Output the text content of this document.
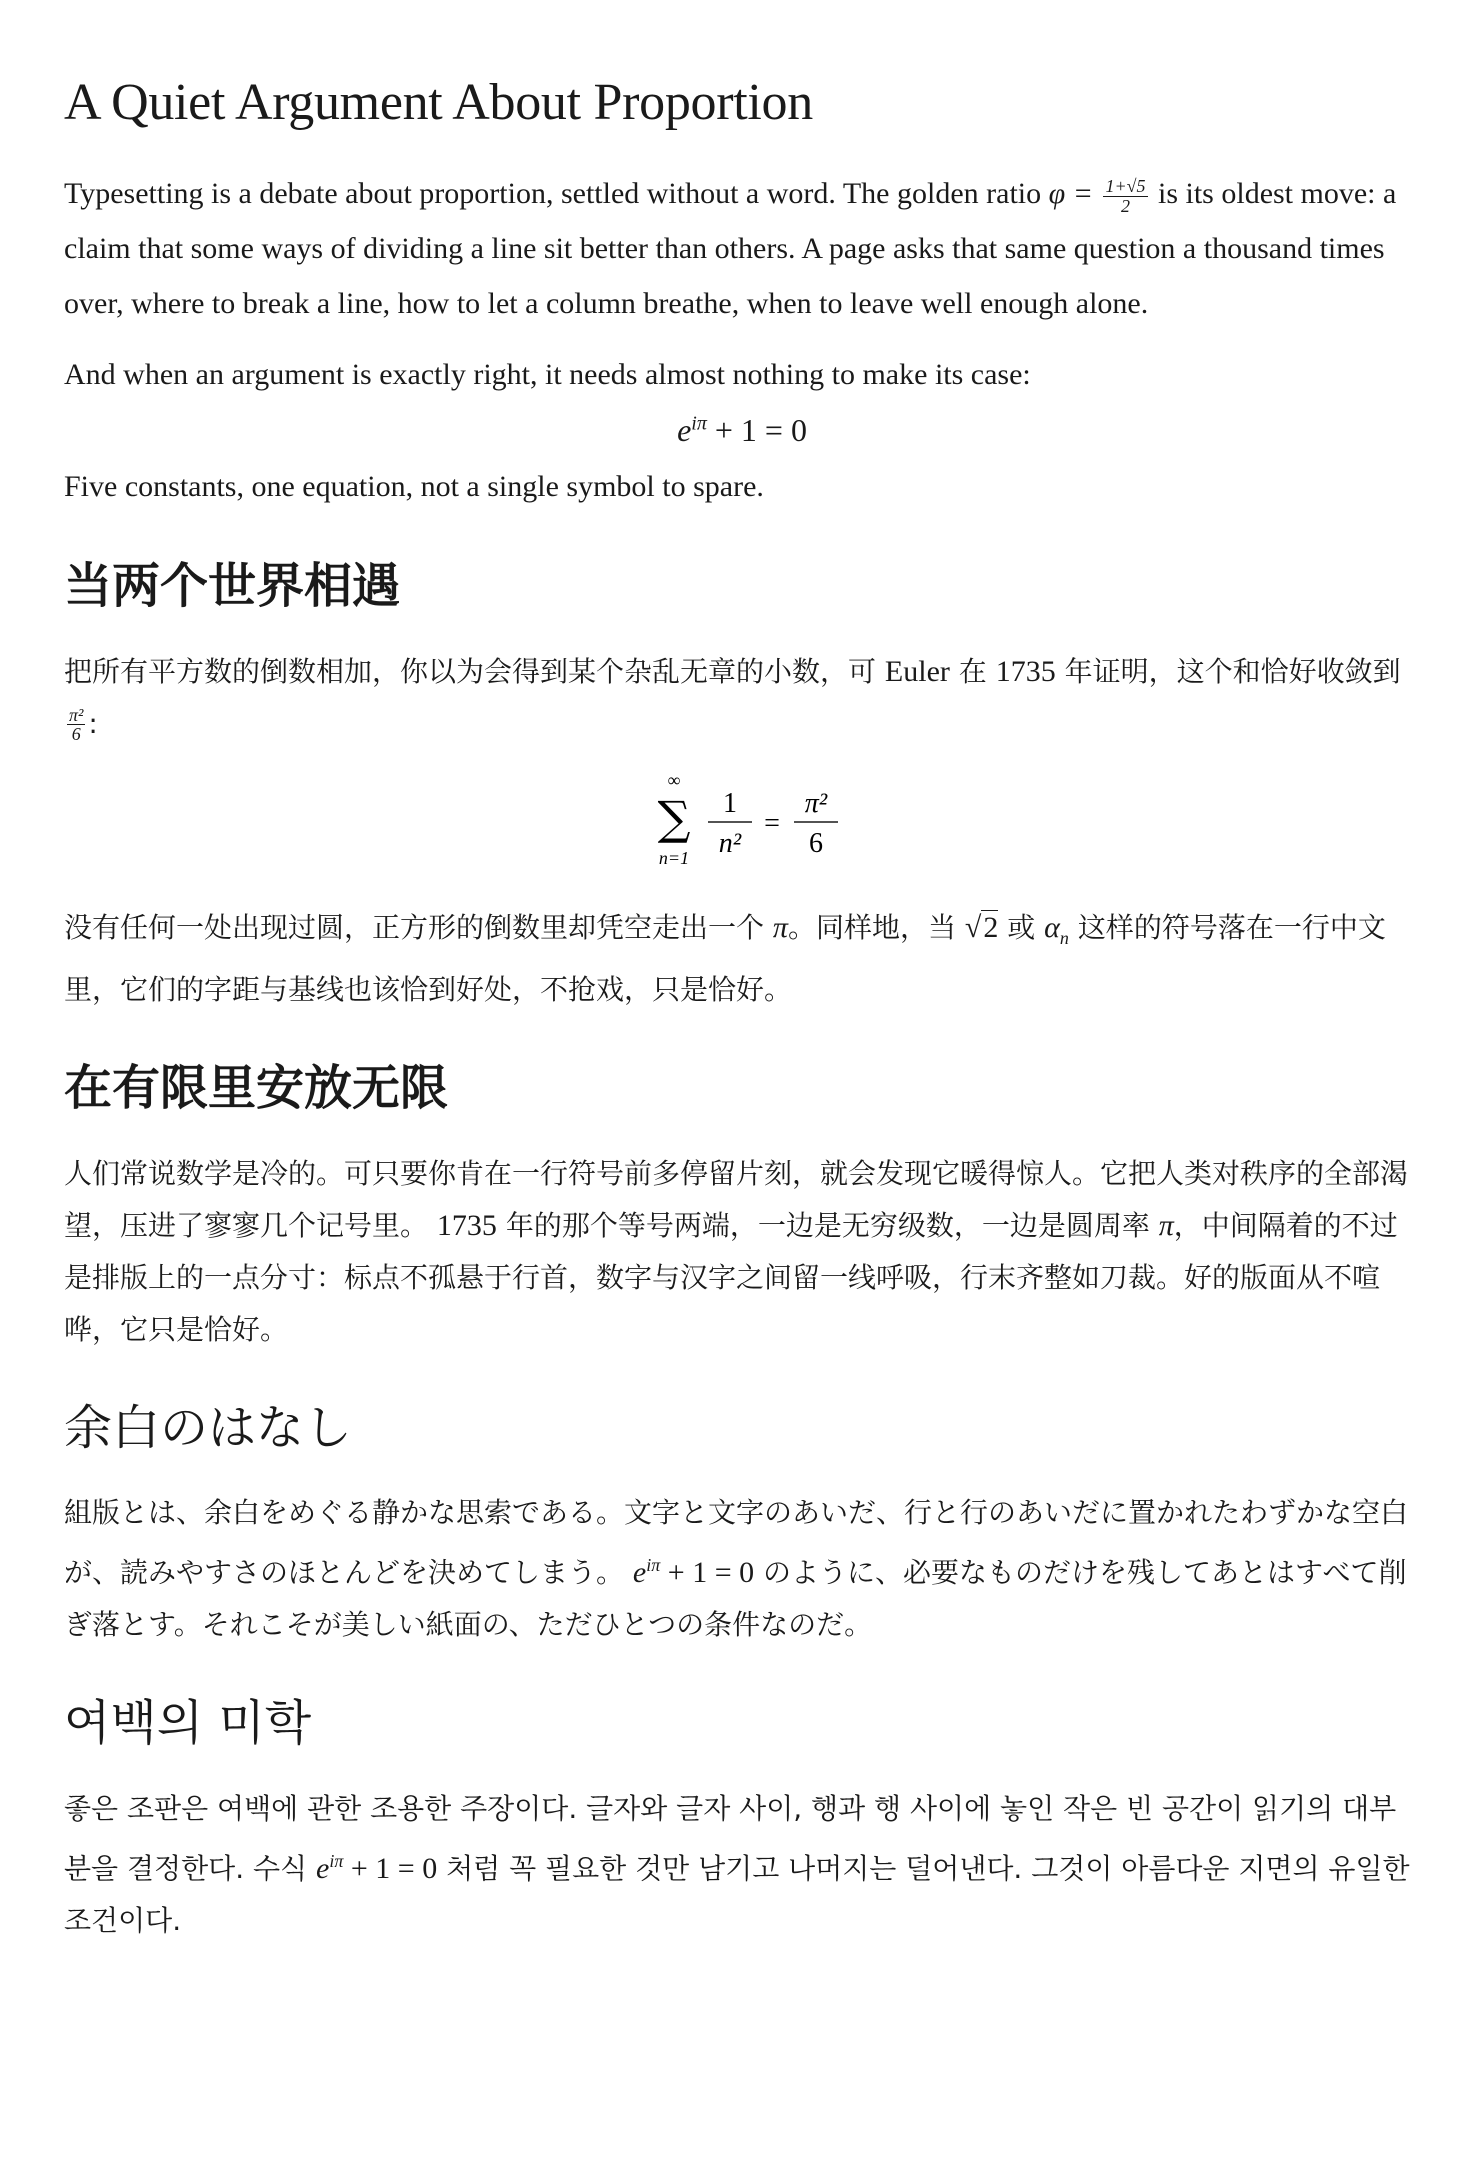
A Quiet Argument About Proportion

Typesetting is a debate about proportion, settled without a word. The golden ratio $\varphi = \frac{1+√5}{2}$ is its oldest move: a claim that some ways of dividing a line sit better than others. A page asks that same question a thousand times over, where to break a line, how to let a column breathe, when to leave well enough alone.

And when an argument is exactly right, it needs almost nothing to make its case:

$e^{i\pi} + 1 = 0$

Five constants, one equation, not a single symbol to spare.

当两个世界相遇

把所有平方数的倒数相加，你以为会得到某个杂乱无章的小数，可 Euler 在 1735 年证明，这个和恰好收敛到
$\frac{\text{π²}}{6}$ :

∞
∑
n=1
1
n²
=
π²
6

没有任何一处出现过圆，正方形的倒数里却凭空走出一个 π。同样地，当 √2 或 $\alpha_n$ 这样的符号落在一行中文里，它们的字距与基线也该恰到好处，不抢戏，只是恰好。

在有限里安放无限

人们常说数学是冷的。可只要你肯在一行符号前多停留片刻，就会发现它暖得惊人。它把人类对秩序的全部渴望，压进了寥寥几个记号里。 1735 年的那个等号两端，一边是无穷级数，一边是圆周率 π，中间隔着的不过是排版上的一点分寸：标点不孤悬于行首，数字与汉字之间留一线呼吸，行末齐整如刀裁。好的版面从不喧哗，它只是恰好。

余白のはなし

組版とは、余白をめぐる静かな思索である。文字と文字のあいだ、行と行のあいだに置かれたわずかな空白が、読みやすさのほとんどを決めてしまう。 $e^{i\pi} + 1 = 0$ のように、必要なものだけを残してあとはすべて削ぎ落とす。それこそが美しい紙面の、ただひとつの条件なのだ。

여백의 미학

좋은 조판은 여백에 관한 조용한 주장이다. 글자와 글자 사이, 행과 행 사이에 놓인 작은 빈 공간이 읽기의 대부분을 결정한다. 수식 $e^{i\pi} + 1 = 0$ 처럼 꼭 필요한 것만 남기고 나머지는 덜어낸다. 그것이 아름다운 지면의 유일한 조건이다.
